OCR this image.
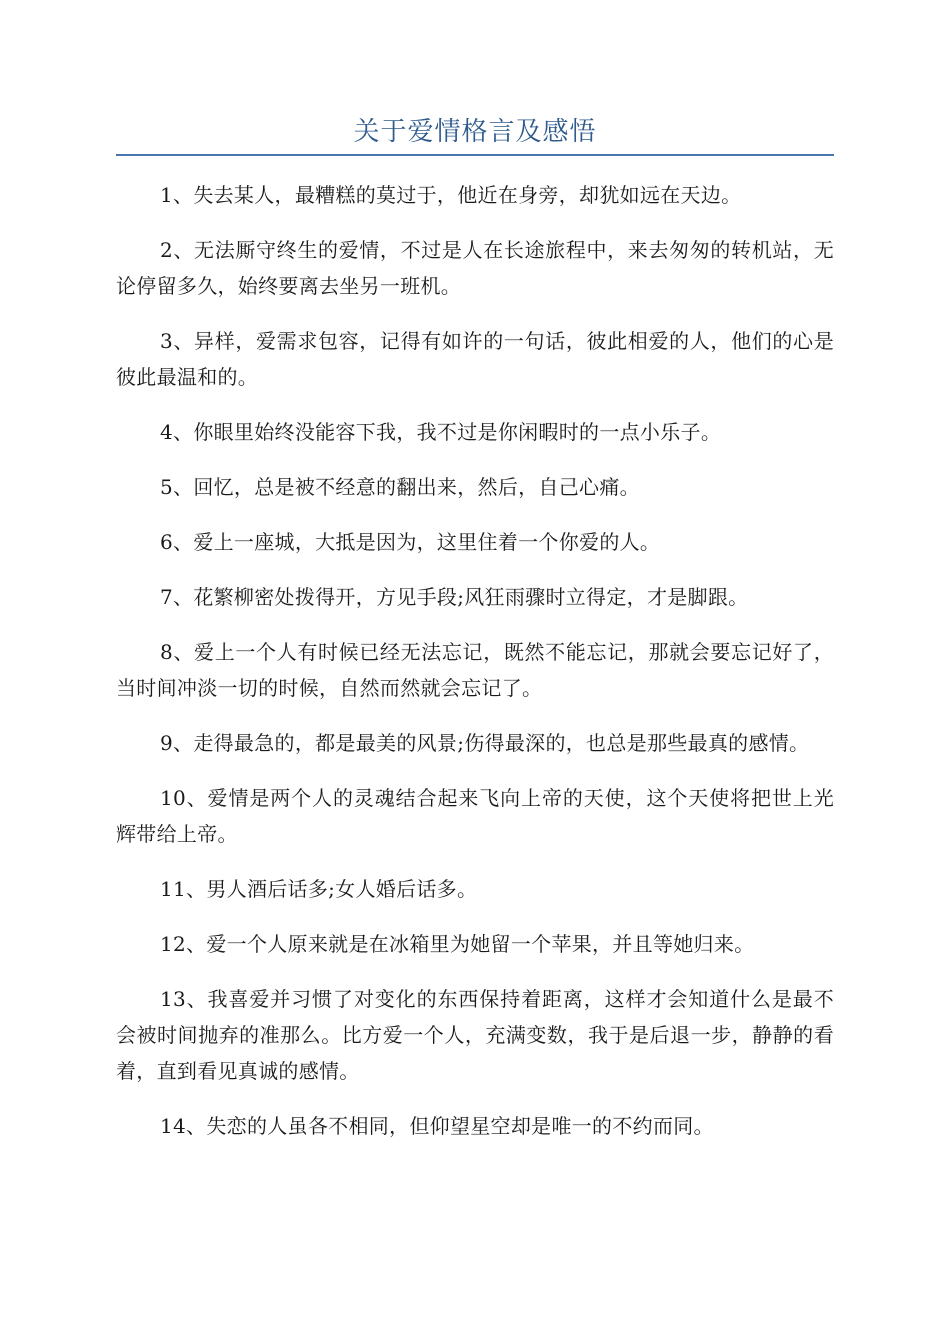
关于爱情格言及感悟

1、失去某人，最糟糕的莫过于，他近在身旁，却犹如远在天边。

2、无法厮守终生的爱情，不过是人在长途旅程中，来去匆匆的转机站，无论停留多久，始终要离去坐另一班机。

3、异样，爱需求包容，记得有如许的一句话，彼此相爱的人，他们的心是彼此最温和的。

4、你眼里始终没能容下我，我不过是你闲暇时的一点小乐子。

5、回忆，总是被不经意的翻出来，然后，自己心痛。

6、爱上一座城，大抵是因为，这里住着一个你爱的人。

7、花繁柳密处拨得开，方见手段;风狂雨骤时立得定，才是脚跟。

8、爱上一个人有时候已经无法忘记，既然不能忘记，那就会要忘记好了，当时间冲淡一切的时候，自然而然就会忘记了。

9、走得最急的，都是最美的风景;伤得最深的，也总是那些最真的感情。

10、爱情是两个人的灵魂结合起来飞向上帝的天使，这个天使将把世上光辉带给上帝。

11、男人酒后话多;女人婚后话多。

12、爱一个人原来就是在冰箱里为她留一个苹果，并且等她归来。

13、我喜爱并习惯了对变化的东西保持着距离，这样才会知道什么是最不会被时间抛弃的准那么。比方爱一个人，充满变数，我于是后退一步，静静的看着，直到看见真诚的感情。

14、失恋的人虽各不相同，但仰望星空却是唯一的不约而同。
